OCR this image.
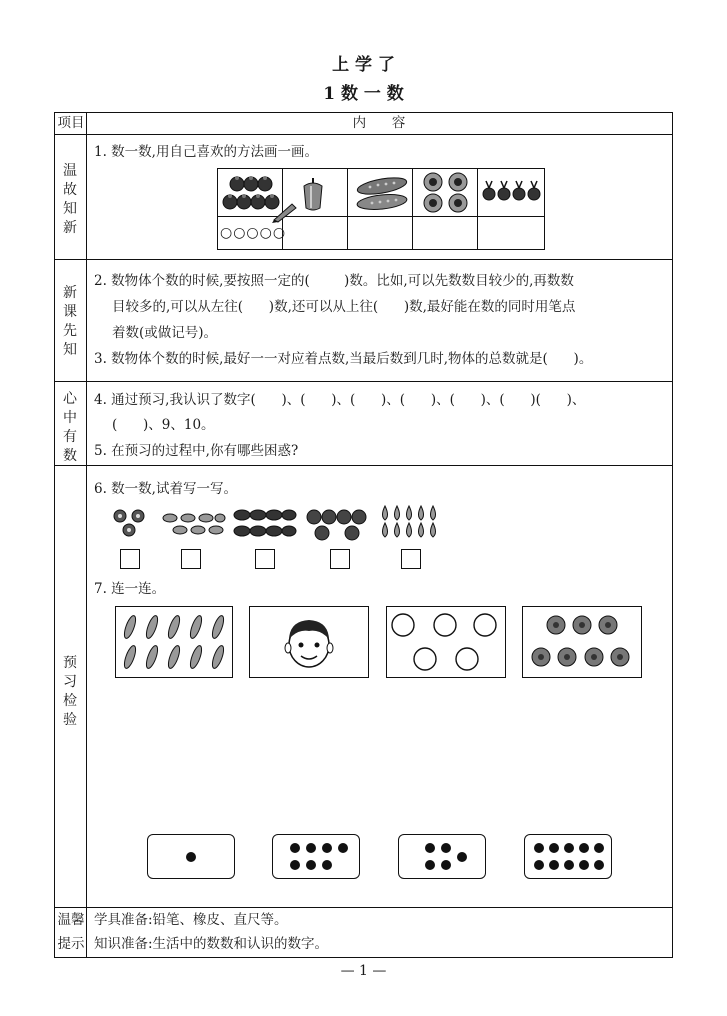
上 学 了
1 数 一 数
项目	内      容
温
故
知
新
1. 数一数,用自己喜欢的方法画一画。
○○○○○
新
课
先
知
2. 数物体个数的时候,要按照一定的(        )数。比如,可以先数数目较少的,再数数
目较多的,可以从左往(      )数,还可以从上往(      )数,最好能在数的同时用笔点
着数(或做记号)。
3. 数物体个数的时候,最好一一对应着点数,当最后数到几时,物体的总数就是(      )。
心
中
有
数
4. 通过预习,我认识了数字(      )、(      )、(      )、(      )、(      )、(      )(      )、
(      )、9、10。
5. 在预习的过程中,你有哪些困惑?
预
习
检
验
6. 数一数,试着写一写。
7. 连一连。
温馨
提示
学具准备:铅笔、橡皮、直尺等。
知识准备:生活中的数数和认识的数字。
— 1 —
